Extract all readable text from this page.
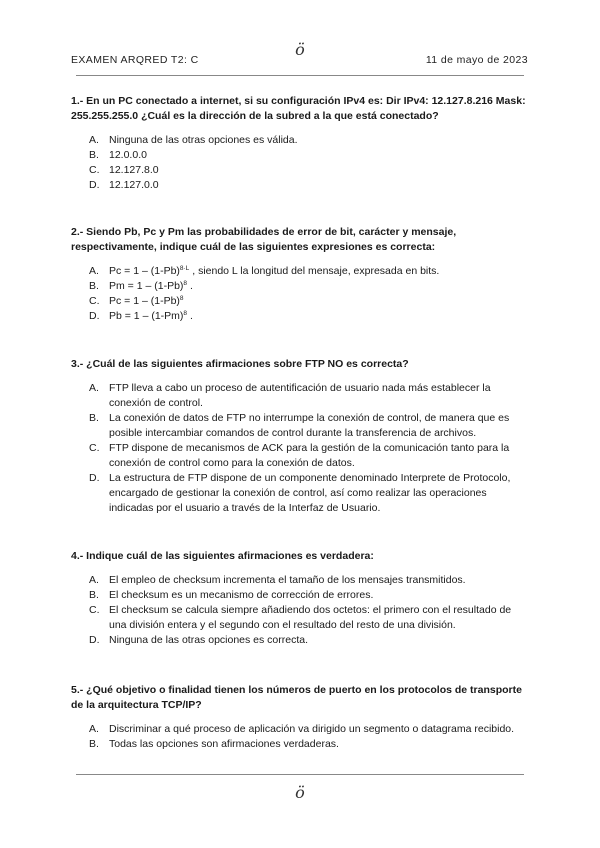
ö
EXAMEN ARQRED T2: C	11 de mayo de 2023

1.- En un PC conectado a internet, si su configuración IPv4 es: Dir IPv4: 12.127.8.216 Mask: 255.255.255.0 ¿Cuál es la dirección de la subred a la que está conectado?

A. Ninguna de las otras opciones es válida.
B. 12.0.0.0
C. 12.127.8.0
D. 12.127.0.0

2.- Siendo Pb, Pc y Pm las probabilidades de error de bit, carácter y mensaje, respectivamente, indique cuál de las siguientes expresiones es correcta:

A. $Pc = 1 - (1-Pb)^{8\cdot L}$ , siendo L la longitud del mensaje, expresada en bits.
B. $Pm = 1 - (1-Pb)^8$ .
C. $Pc = 1 - (1-Pb)^8$
D. $Pb = 1 - (1-Pm)^8$ .

3.- ¿Cuál de las siguientes afirmaciones sobre FTP NO es correcta?

A. FTP lleva a cabo un proceso de autentificación de usuario nada más establecer la conexión de control.
B. La conexión de datos de FTP no interrumpe la conexión de control, de manera que es posible intercambiar comandos de control durante la transferencia de archivos.
C. FTP dispone de mecanismos de ACK para la gestión de la comunicación tanto para la conexión de control como para la conexión de datos.
D. La estructura de FTP dispone de un componente denominado Interprete de Protocolo, encargado de gestionar la conexión de control, así como realizar las operaciones indicadas por el usuario a través de la Interfaz de Usuario.

4.- Indique cuál de las siguientes afirmaciones es verdadera:

A. El empleo de checksum incrementa el tamaño de los mensajes transmitidos.
B. El checksum es un mecanismo de corrección de errores.
C. El checksum se calcula siempre añadiendo dos octetos: el primero con el resultado de una división entera y el segundo con el resultado del resto de una división.
D. Ninguna de las otras opciones es correcta.

5.- ¿Qué objetivo o finalidad tienen los números de puerto en los protocolos de transporte de la arquitectura TCP/IP?

A. Discriminar a qué proceso de aplicación va dirigido un segmento o datagrama recibido.
B. Todas las opciones son afirmaciones verdaderas.
ö
